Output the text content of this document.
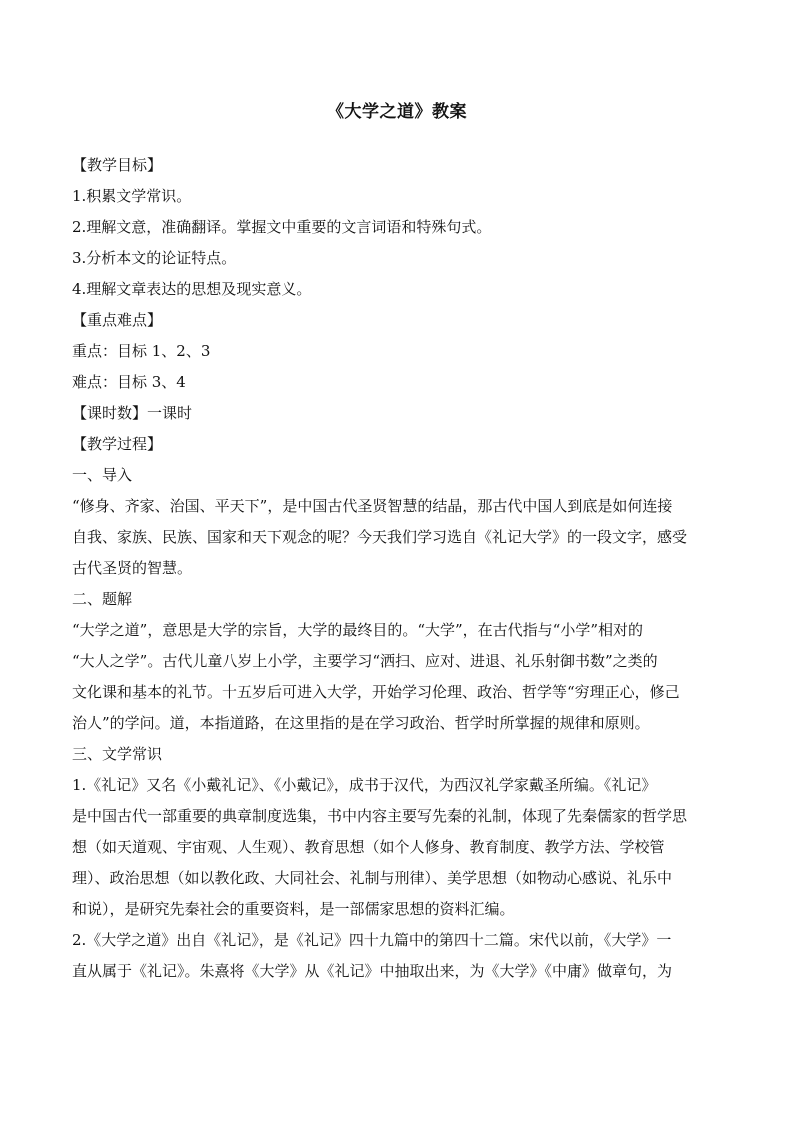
《大学之道》教案
【教学目标】
1.积累文学常识。
2.理解文意，准确翻译。掌握文中重要的文言词语和特殊句式。
3.分析本文的论证特点。
4.理解文章表达的思想及现实意义。
【重点难点】
重点：目标 1、2、3
难点：目标 3、4
【课时数】一课时
【教学过程】
一、导入
“修身、齐家、治国、平天下”，是中国古代圣贤智慧的结晶，那古代中国人到底是如何连接
自我、家族、民族、国家和天下观念的呢？今天我们学习选自《礼记大学》的一段文字，感受
古代圣贤的智慧。
二、题解
“大学之道”，意思是大学的宗旨，大学的最终目的。“大学”，在古代指与“小学”相对的
“大人之学”。古代儿童八岁上小学，主要学习“洒扫、应对、进退、礼乐射御书数”之类的
文化课和基本的礼节。十五岁后可进入大学，开始学习伦理、政治、哲学等“穷理正心，修己
治人”的学问。道，本指道路，在这里指的是在学习政治、哲学时所掌握的规律和原则。
三、文学常识
1.《礼记》又名《小戴礼记》、《小戴记》，成书于汉代，为西汉礼学家戴圣所编。《礼记》
是中国古代一部重要的典章制度选集，书中内容主要写先秦的礼制，体现了先秦儒家的哲学思
想（如天道观、宇宙观、人生观）、教育思想（如个人修身、教育制度、教学方法、学校管
理）、政治思想（如以教化政、大同社会、礼制与刑律）、美学思想（如物动心感说、礼乐中
和说），是研究先秦社会的重要资料，是一部儒家思想的资料汇编。
2.《大学之道》出自《礼记》，是《礼记》四十九篇中的第四十二篇。宋代以前，《大学》一
直从属于《礼记》。朱熹将《大学》从《礼记》中抽取出来，为《大学》《中庸》做章句，为
